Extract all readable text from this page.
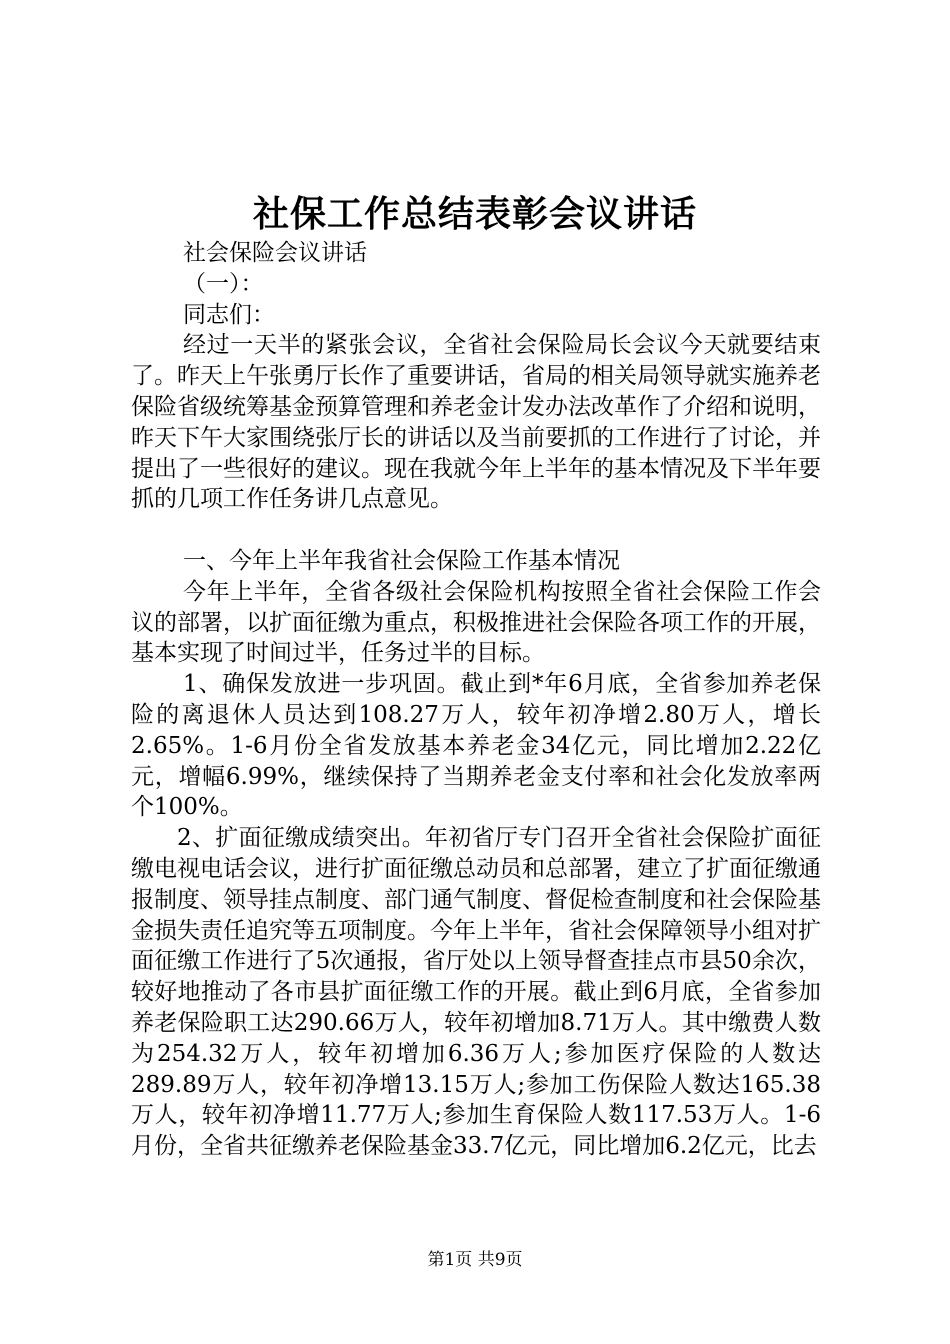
社保工作总结表彰会议讲话

社会保险会议讲话

（一）：

同志们：

经过一天半的紧张会议，全省社会保险局长会议今天就要结束了。昨天上午张勇厅长作了重要讲话，省局的相关局领导就实施养老保险省级统筹基金预算管理和养老金计发办法改革作了介绍和说明，昨天下午大家围绕张厅长的讲话以及当前要抓的工作进行了讨论，并提出了一些很好的建议。现在我就今年上半年的基本情况及下半年要抓的几项工作任务讲几点意见。

一、今年上半年我省社会保险工作基本情况

今年上半年，全省各级社会保险机构按照全省社会保险工作会议的部署，以扩面征缴为重点，积极推进社会保险各项工作的开展，基本实现了时间过半，任务过半的目标。

1、确保发放进一步巩固。截止到*年6月底，全省参加养老保险的离退休人员达到108.27万人，较年初净增2.80万人，增长2.65%。1-6月份全省发放基本养老金34亿元，同比增加2.22亿元，增幅6.99%，继续保持了当期养老金支付率和社会化发放率两个100%。

2、扩面征缴成绩突出。年初省厅专门召开全省社会保险扩面征缴电视电话会议，进行扩面征缴总动员和总部署，建立了扩面征缴通报制度、领导挂点制度、部门通气制度、督促检查制度和社会保险基金损失责任追究等五项制度。今年上半年，省社会保障领导小组对扩面征缴工作进行了5次通报，省厅处以上领导督查挂点市县50余次，较好地推动了各市县扩面征缴工作的开展。截止到6月底，全省参加养老保险职工达290.66万人，较年初增加8.71万人。其中缴费人数为254.32万人，较年初增加6.36万人;参加医疗保险的人数达289.89万人，较年初净增13.15万人;参加工伤保险人数达165.38万人，较年初净增11.77万人;参加生育保险人数117.53万人。1-6月份，全省共征缴养老保险基金33.7亿元，同比增加6.2亿元，比去

第1页 共9页
